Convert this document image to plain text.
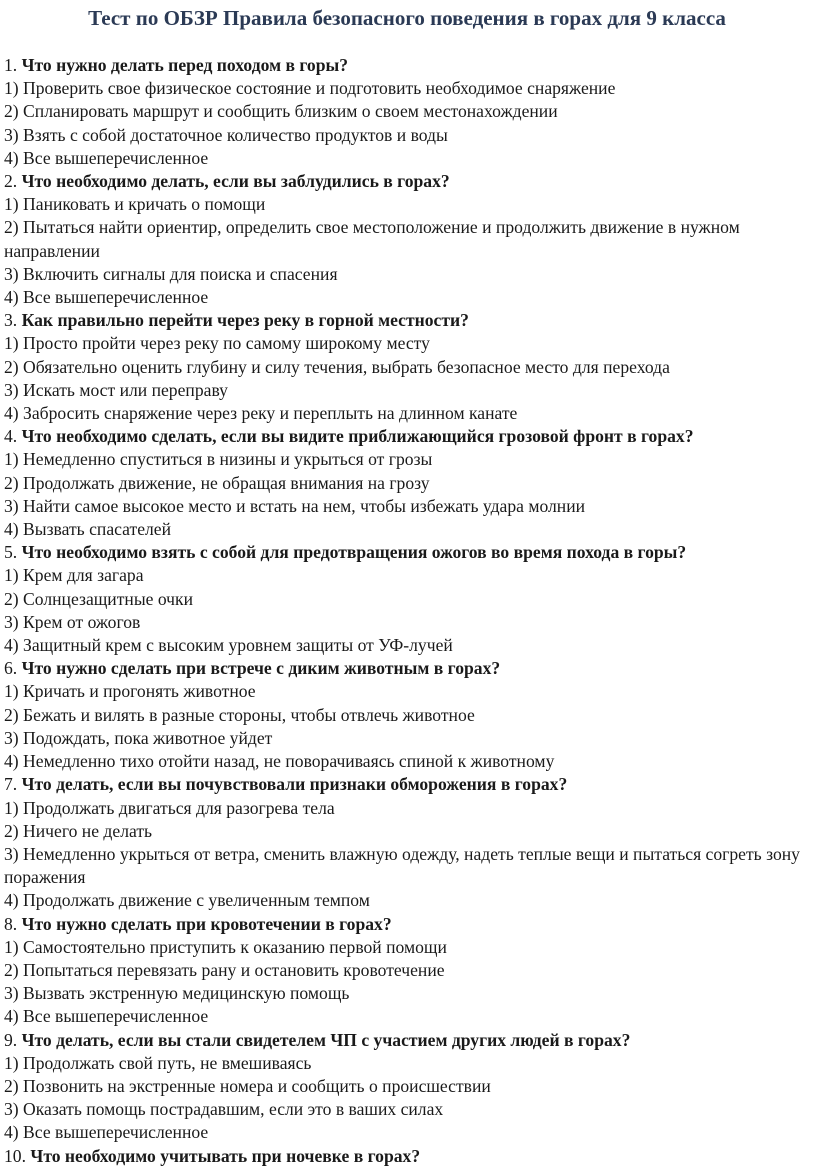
Тест по ОБЗР Правила безопасного поведения в горах для 9 класса

1. Что нужно делать перед походом в горы?

1) Проверить свое физическое состояние и подготовить необходимое снаряжение

2) Спланировать маршрут и сообщить близким о своем местонахождении

3) Взять с собой достаточное количество продуктов и воды

4) Все вышеперечисленное

2. Что необходимо делать, если вы заблудились в горах?

1) Паниковать и кричать о помощи

2) Пытаться найти ориентир, определить свое местоположение и продолжить движение в нужном направлении

3) Включить сигналы для поиска и спасения

4) Все вышеперечисленное

3. Как правильно перейти через реку в горной местности?

1) Просто пройти через реку по самому широкому месту

2) Обязательно оценить глубину и силу течения, выбрать безопасное место для перехода

3) Искать мост или переправу

4) Забросить снаряжение через реку и переплыть на длинном канате

4. Что необходимо сделать, если вы видите приближающийся грозовой фронт в горах?

1) Немедленно спуститься в низины и укрыться от грозы

2) Продолжать движение, не обращая внимания на грозу

3) Найти самое высокое место и встать на нем, чтобы избежать удара молнии

4) Вызвать спасателей

5. Что необходимо взять с собой для предотвращения ожогов во время похода в горы?

1) Крем для загара

2) Солнцезащитные очки

3) Крем от ожогов

4) Защитный крем с высоким уровнем защиты от УФ-лучей

6. Что нужно сделать при встрече с диким животным в горах?

1) Кричать и прогонять животное

2) Бежать и вилять в разные стороны, чтобы отвлечь животное

3) Подождать, пока животное уйдет

4) Немедленно тихо отойти назад, не поворачиваясь спиной к животному

7. Что делать, если вы почувствовали признаки обморожения в горах?

1) Продолжать двигаться для разогрева тела

2) Ничего не делать

3) Немедленно укрыться от ветра, сменить влажную одежду, надеть теплые вещи и пытаться согреть зону поражения

4) Продолжать движение с увеличенным темпом

8. Что нужно сделать при кровотечении в горах?

1) Самостоятельно приступить к оказанию первой помощи

2) Попытаться перевязать рану и остановить кровотечение

3) Вызвать экстренную медицинскую помощь

4) Все вышеперечисленное

9. Что делать, если вы стали свидетелем ЧП с участием других людей в горах?

1) Продолжать свой путь, не вмешиваясь

2) Позвонить на экстренные номера и сообщить о происшествии

3) Оказать помощь пострадавшим, если это в ваших силах

4) Все вышеперечисленное

10. Что необходимо учитывать при ночевке в горах?
